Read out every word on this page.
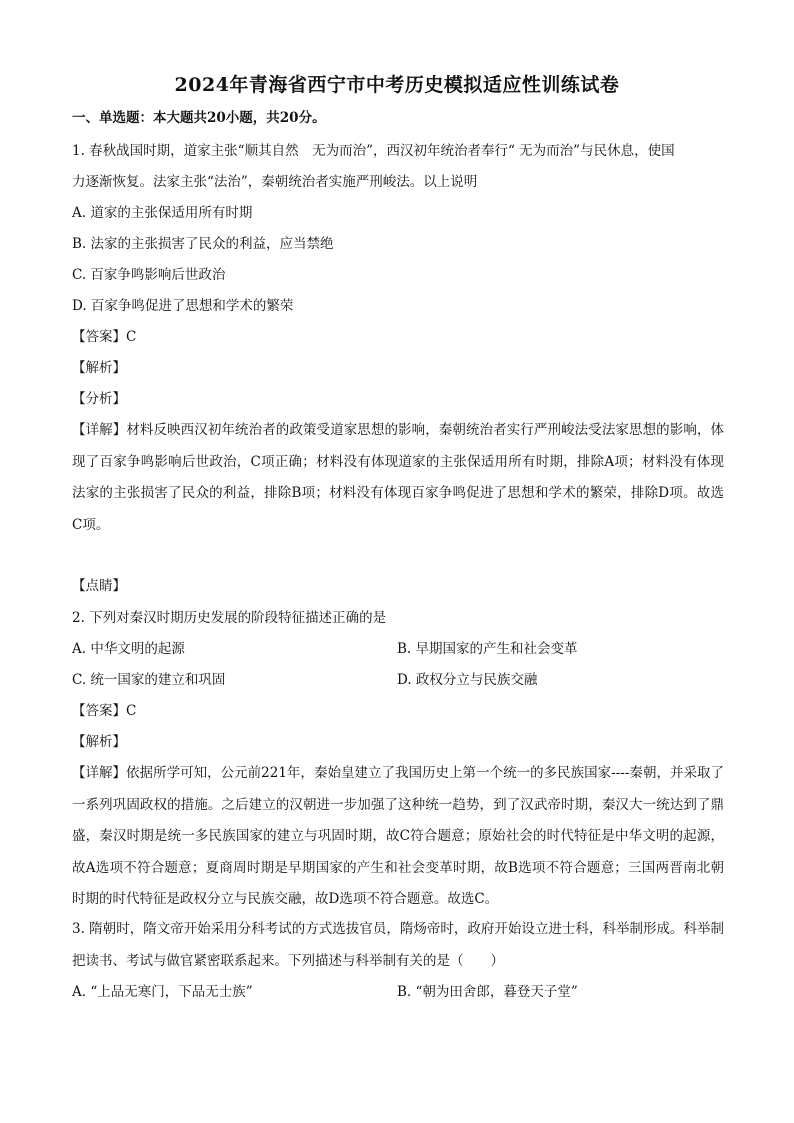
2024年青海省西宁市中考历史模拟适应性训练试卷
一、单选题：本大题共20小题，共20分。
1. 春秋战国时期，道家主张“顺其自然　无为而治”，西汉初年统治者奉行“ 无为而治”与民休息，使国
力逐渐恢复。法家主张“法治”，秦朝统治者实施严刑峻法。以上说明
A. 道家的主张保适用所有时期
B. 法家的主张损害了民众的利益，应当禁绝
C. 百家争鸣影响后世政治
D. 百家争鸣促进了思想和学术的繁荣
【答案】C
【解析】
【分析】
【详解】材料反映西汉初年统治者的政策受道家思想的影响，秦朝统治者实行严刑峻法受法家思想的影响，体现了百家争鸣影响后世政治，C项正确；材料没有体现道家的主张保适用所有时期，排除A项；材料没有体现法家的主张损害了民众的利益，排除B项；材料没有体现百家争鸣促进了思想和学术的繁荣，排除D项。故选C项。
【点睛】
2. 下列对秦汉时期历史发展的阶段特征描述正确的是
A. 中华文明的起源	B. 早期国家的产生和社会变革
C. 统一国家的建立和巩固	D. 政权分立与民族交融
【答案】C
【解析】
【详解】依据所学可知，公元前221年，秦始皇建立了我国历史上第一个统一的多民族国家----秦朝，并采取了一系列巩固政权的措施。之后建立的汉朝进一步加强了这种统一趋势，到了汉武帝时期，秦汉大一统达到了鼎盛，秦汉时期是统一多民族国家的建立与巩固时期，故C符合题意；原始社会的时代特征是中华文明的起源，故A选项不符合题意；夏商周时期是早期国家的产生和社会变革时期，故B选项不符合题意；三国两晋南北朝时期的时代特征是政权分立与民族交融，故D选项不符合题意。故选C。
3. 隋朝时，隋文帝开始采用分科考试的方式选拔官员，隋炀帝时，政府开始设立进士科，科举制形成。科举制把读书、考试与做官紧密联系起来。下列描述与科举制有关的是（　　）
A. “上品无寒门，下品无士族”	B. “朝为田舍郎，暮登天子堂”
